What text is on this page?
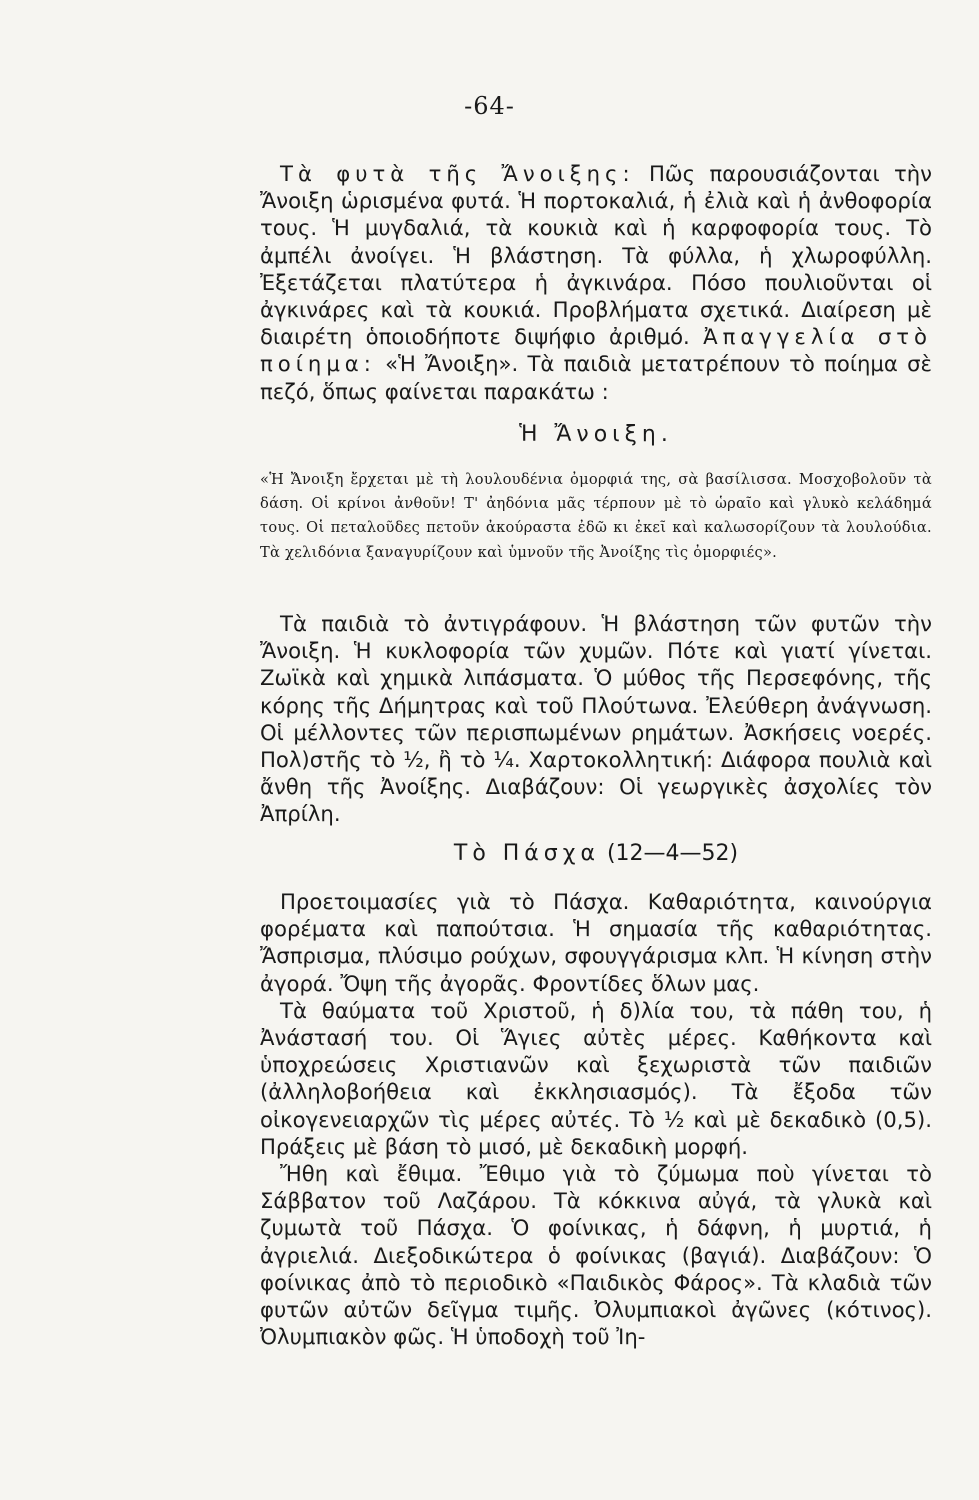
-64-

Τὰ φυτὰ τῆς Ἄνοιξης: Πῶς παρουσιάζονται τὴν Ἄνοιξη ὡρισμένα φυτά. Ἡ πορτοκαλιά, ἡ ἐλιὰ καὶ ἡ ἀνθοφορία τους. Ἡ μυγδαλιά, τὰ κουκιὰ καὶ ἡ καρφοφορία τους. Τὸ ἀμπέλι ἀνοίγει. Ἡ βλάστηση. Τὰ φύλλα, ἡ χλωροφύλλη. Ἐξετάζεται πλατύτερα ἡ ἀγκινάρα. Πόσο πουλιοῦνται οἱ ἀγκινάρες καὶ τὰ κουκιά. Προβλήματα σχετικά. Διαίρεση μὲ διαιρέτη ὁποιοδήποτε διψήφιο ἀριθμό. Ἀπαγγελία στὸ ποίημα: «Ἡ Ἄνοιξη». Τὰ παιδιὰ μετατρέπουν τὸ ποίημα σὲ πεζό, ὅπως φαίνεται παρακάτω :

Ἡ Ἄνοιξη.

«Ἡ Ἄνοιξη ἔρχεται μὲ τὴ λουλουδένια ὀμορφιά της, σὰ βασίλισσα. Μοσχοβολοῦν τὰ δάση. Οἱ κρίνοι ἀνθοῦν! Τ' ἀηδόνια μᾶς τέρπουν μὲ τὸ ὡραῖο καὶ γλυκὸ κελάδημά τους. Οἱ πεταλοῦδες πετοῦν ἀκούραστα ἐδῶ κι ἐκεῖ καὶ καλωσορίζουν τὰ λουλούδια. Τὰ χελιδόνια ξαναγυρίζουν καὶ ὑμνοῦν τῆς Ἀνοίξης τὶς ὀμορφιές».

Τὰ παιδιὰ τὸ ἀντιγράφουν. Ἡ βλάστηση τῶν φυτῶν τὴν Ἄνοιξη. Ἡ κυκλοφορία τῶν χυμῶν. Πότε καὶ γιατί γίνεται. Ζωϊκὰ καὶ χημικὰ λιπάσματα. Ὁ μύθος τῆς Περσεφόνης, τῆς κόρης τῆς Δήμητρας καὶ τοῦ Πλούτωνα. Ἐλεύθερη ἀνάγνωση. Οἱ μέλλοντες τῶν περισπωμένων ρημάτων. Ἀσκήσεις νοερές. Πολ)στῆς τὸ ½, ἢ τὸ ¼. Χαρτοκολλητική: Διάφορα πουλιὰ καὶ ἄνθη τῆς Ἀνοίξης. Διαβάζουν: Οἱ γεωργικὲς ἀσχολίες τὸν Ἀπρίλη.

Τὸ Πάσχα (12—4—52)

Προετοιμασίες γιὰ τὸ Πάσχα. Καθαριότητα, καινούργια φορέματα καὶ παπούτσια. Ἡ σημασία τῆς καθαριότητας. Ἄσπρισμα, πλύσιμο ρούχων, σφουγγάρισμα κλπ. Ἡ κίνηση στὴν ἀγορά. Ὄψη τῆς ἀγορᾶς. Φροντίδες ὅλων μας.

Τὰ θαύματα τοῦ Χριστοῦ, ἡ δ)λία του, τὰ πάθη του, ἡ Ἀνάστασή του. Οἱ Ἅγιες αὐτὲς μέρες. Καθήκοντα καὶ ὑποχρεώσεις Χριστιανῶν καὶ ξεχωριστὰ τῶν παιδιῶν (ἀλληλοβοήθεια καὶ ἐκκλησιασμός). Τὰ ἔξοδα τῶν οἰκογενειαρχῶν τὶς μέρες αὐτές. Τὸ ½ καὶ μὲ δεκαδικὸ (0,5). Πράξεις μὲ βάση τὸ μισό, μὲ δεκαδικὴ μορφή.

Ἤθη καὶ ἔθιμα. Ἔθιμο γιὰ τὸ ζύμωμα ποὺ γίνεται τὸ Σάββατον τοῦ Λαζάρου. Τὰ κόκκινα αὐγά, τὰ γλυκὰ καὶ ζυμωτὰ τοῦ Πάσχα. Ὁ φοίνικας, ἡ δάφνη, ἡ μυρτιά, ἡ ἀγριελιά. Διεξοδικώτερα ὁ φοίνικας (βαγιά). Διαβάζουν: Ὁ φοίνικας ἀπὸ τὸ περιοδικὸ «Παιδικὸς Φάρος». Τὰ κλαδιὰ τῶν φυτῶν αὐτῶν δεῖγμα τιμῆς. Ὀλυμπιακοὶ ἀγῶνες (κότινος). Ὀλυμπιακὸν φῶς. Ἡ ὑποδοχὴ τοῦ Ἰη-
